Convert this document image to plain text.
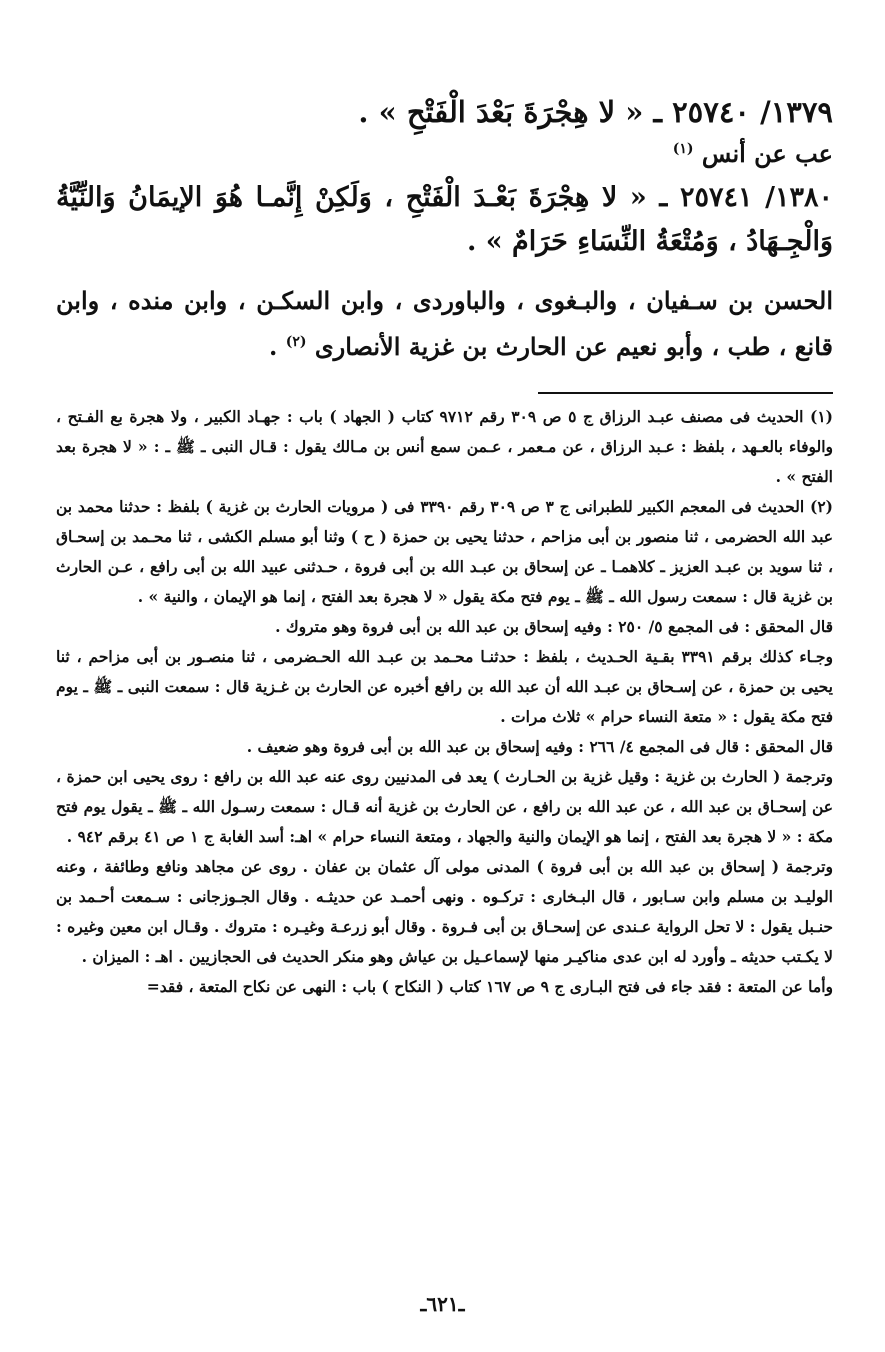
١٣٧٩/ ٢٥٧٤٠ ـ « لا هِجْرَةَ بَعْدَ الْفَتْحِ » .

عب عن أنس $^{(١)}$

١٣٨٠/ ٢٥٧٤١ ـ « لا هِجْرَةَ بَعْـدَ الْفَتْحِ ، وَلَكِنْ إِنَّمـا هُوَ الإيمَانُ وَالنِّيَّةُ وَالْجِـهَادُ ، وَمُتْعَةُ النِّسَاءِ حَرَامٌ » .

الحسن بن سـفيان ، والبـغوى ، والباوردى ، وابن السكـن ، وابن منده ، وابن قانع ، طب ، وأبو نعيم عن الحارث بن غزية الأنصارى $^{(٢)}$ .

(١) الحديث فى مصنف عبـد الرزاق ج ٥ ص ٣٠٩ رقم ٩٧١٢ كتاب ( الجهاد ) باب : جهـاد الكبير ، ولا هجرة بع الفـتح ، والوفاء بالعـهد ، بلفظ : عـبد الرزاق ، عن مـعمر ، عـمن سمع أنس بن مـالك يقول : قـال النبى ـ ﷺ ـ : « لا هجرة بعد الفتح » .

(٢) الحديث فى المعجم الكبير للطبرانى ج ٣ ص ٣٠٩ رقم ٣٣٩٠ فى ( مرويات الحارث بن غزية ) بلفظ : حدثنا محمد بن عبد الله الحضرمى ، ثنا منصور بن أبى مزاحم ، حدثنا يحيى بن حمزة ( ح ) وثنا أبو مسلم الكشى ، ثنا محـمد بن إسحـاق ، ثنا سويد بن عبـد العزيز ـ كلاهمـا ـ عن إسحاق بن عبـد الله بن أبى فروة ، حـدثنى عبيد الله بن أبى رافع ، عـن الحارث بن غزية قال : سمعت رسول الله ـ ﷺ ـ يوم فتح مكة يقول « لا هجرة بعد الفتح ، إنما هو الإيمان ، والنية » .

قال المحقق : فى المجمع ٥/ ٢٥٠ : وفيه إسحاق بن عبد الله بن أبى فروة وهو متروك .

وجـاء كذلك برقم ٣٣٩١ بقـية الحـديث ، بلفظ : حدثنـا محـمد بن عبـد الله الحـضرمى ، ثنا منصـور بن أبى مزاحم ، ثنا يحيى بن حمزة ، عن إسـحاق بن عبـد الله أن عبد الله بن رافع أخبره عن الحارث بن غـزية قال : سمعت النبى ـ ﷺ ـ يوم فتح مكة يقول : « متعة النساء حرام » ثلاث مرات .

قال المحقق : قال فى المجمع ٤/ ٢٦٦ : وفيه إسحاق بن عبد الله بن أبى فروة وهو ضعيف .

وترجمة ( الحارث بن غزية : وقيل غزية بن الحـارث ) يعد فى المدنيين روى عنه عبد الله بن رافع : روى يحيى ابن حمزة ، عن إسحـاق بن عبد الله ، عن عبد الله بن رافع ، عن الحارث بن غزية أنه قـال : سمعت رسـول الله ـ ﷺ ـ يقول يوم فتح مكة : « لا هجرة بعد الفتح ، إنما هو الإيمان والنية والجهاد ، ومتعة النساء حرام » اهـ: أسد الغابة ج ١ ص ٤١ برقم ٩٤٢ .

وترجمة ( إسحاق بن عبد الله بن أبى فروة ) المدنى مولى آل عثمان بن عفان . روى عن مجاهد ونافع وطائفة ، وعنه الوليـد بن مسلم وابن سـابور ، قال البـخارى : تركـوه . ونهى أحمـد عن حديثـه . وقال الجـوزجانى : سـمعت أحـمد بن حنـبل يقول : لا تحل الرواية عـندى عن إسحـاق بن أبى فـروة . وقال أبو زرعـة وغيـره : متروك . وقـال ابن معين وغيره : لا يكـتب حديثه ـ وأورد له ابن عدى مناكيـر منها لإسماعـيل بن عياش وهو منكر الحديث فى الحجازيين . اهـ : الميزان .

وأما عن المتعة : فقد جاء فى فتح البـارى ج ٩ ص ١٦٧ كتاب ( النكاح ) باب : النهى عن نكاح المتعة ، فقد=

ـ٦٢١ـ
